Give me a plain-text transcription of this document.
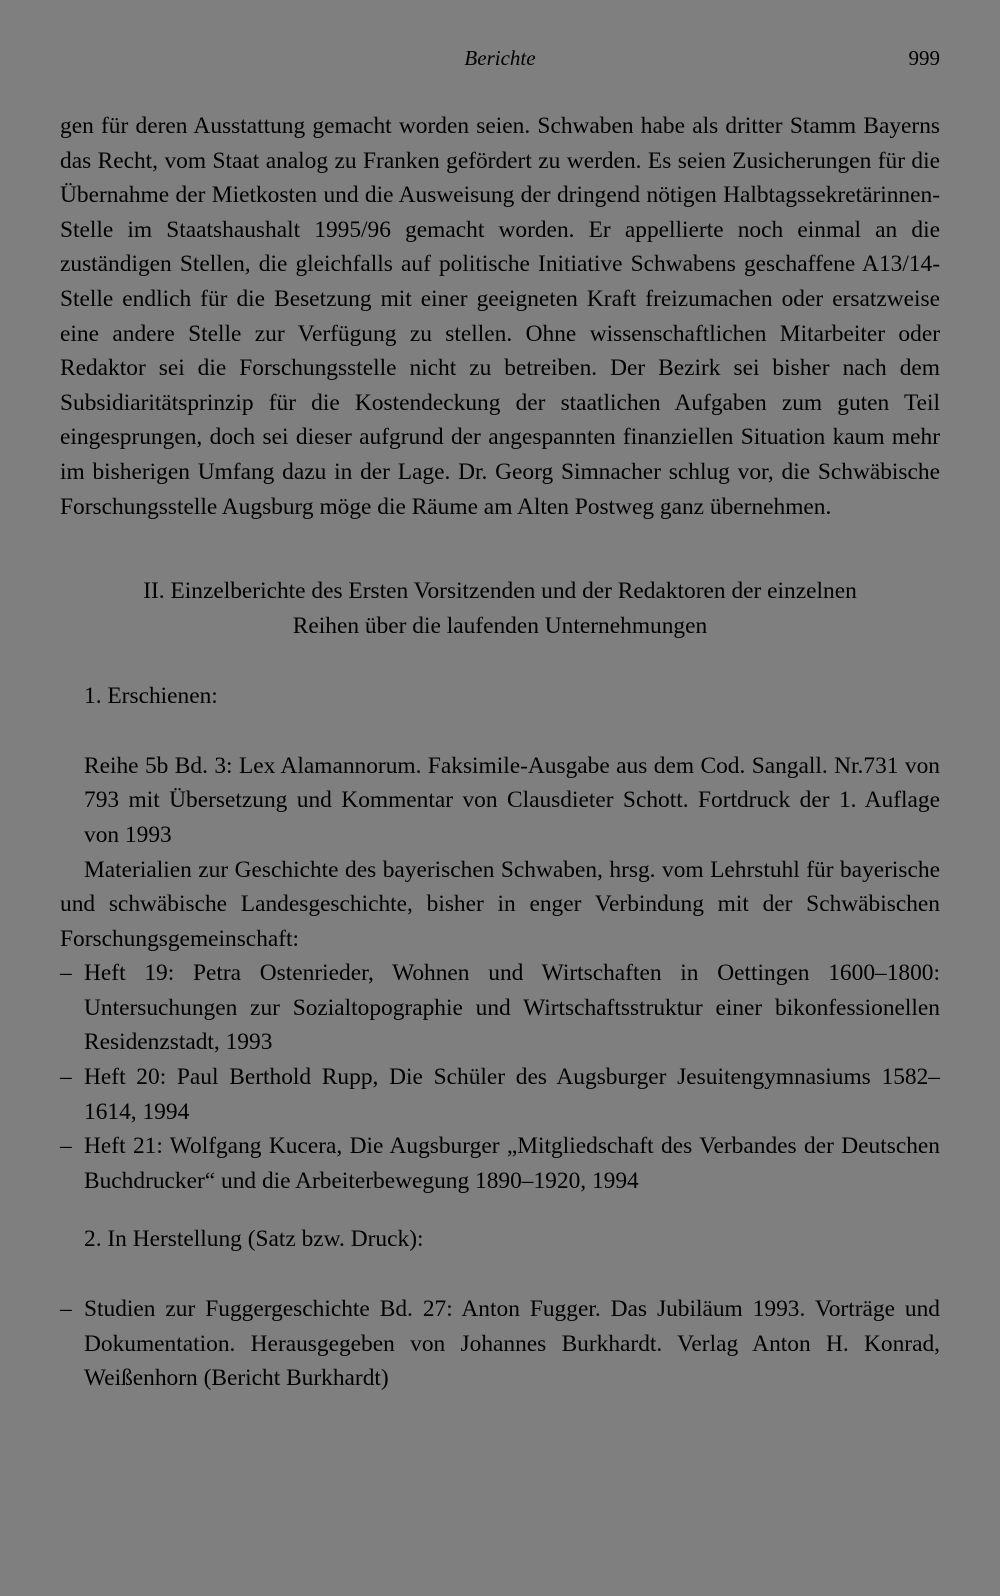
Berichte	999

gen für deren Ausstattung gemacht worden seien. Schwaben habe als dritter Stamm Bayerns das Recht, vom Staat analog zu Franken gefördert zu werden. Es seien Zusicherungen für die Übernahme der Mietkosten und die Ausweisung der dringend nötigen Halbtagssekretärinnen-Stelle im Staatshaushalt 1995/96 gemacht worden. Er appellierte noch einmal an die zuständigen Stellen, die gleichfalls auf politische Initiative Schwabens geschaffene A13/14-Stelle endlich für die Besetzung mit einer geeigneten Kraft freizumachen oder ersatzweise eine andere Stelle zur Verfügung zu stellen. Ohne wissenschaftlichen Mitarbeiter oder Redaktor sei die Forschungsstelle nicht zu betreiben. Der Bezirk sei bisher nach dem Subsidiaritätsprinzip für die Kostendeckung der staatlichen Aufgaben zum guten Teil eingesprungen, doch sei dieser aufgrund der angespannten finanziellen Situation kaum mehr im bisherigen Umfang dazu in der Lage. Dr. Georg Simnacher schlug vor, die Schwäbische Forschungsstelle Augsburg möge die Räume am Alten Postweg ganz übernehmen.

II. Einzelberichte des Ersten Vorsitzenden und der Redaktoren der einzelnen
Reihen über die laufenden Unternehmungen

1. Erschienen:

Reihe 5b Bd. 3: Lex Alamannorum. Faksimile-Ausgabe aus dem Cod. Sangall. Nr.731 von 793 mit Übersetzung und Kommentar von Clausdieter Schott. Fortdruck der 1. Auflage von 1993

Materialien zur Geschichte des bayerischen Schwaben, hrsg. vom Lehrstuhl für bayerische und schwäbische Landesgeschichte, bisher in enger Verbindung mit der Schwäbischen Forschungsgemeinschaft:

– Heft 19: Petra Ostenrieder, Wohnen und Wirtschaften in Oettingen 1600–1800: Untersuchungen zur Sozialtopographie und Wirtschaftsstruktur einer bikonfessionellen Residenzstadt, 1993
– Heft 20: Paul Berthold Rupp, Die Schüler des Augsburger Jesuitengymnasiums 1582–1614, 1994
– Heft 21: Wolfgang Kucera, Die Augsburger „Mitgliedschaft des Verbandes der Deutschen Buchdrucker“ und die Arbeiterbewegung 1890–1920, 1994

2. In Herstellung (Satz bzw. Druck):

– Studien zur Fuggergeschichte Bd. 27: Anton Fugger. Das Jubiläum 1993. Vorträge und Dokumentation. Herausgegeben von Johannes Burkhardt. Verlag Anton H. Konrad, Weißenhorn (Bericht Burkhardt)
